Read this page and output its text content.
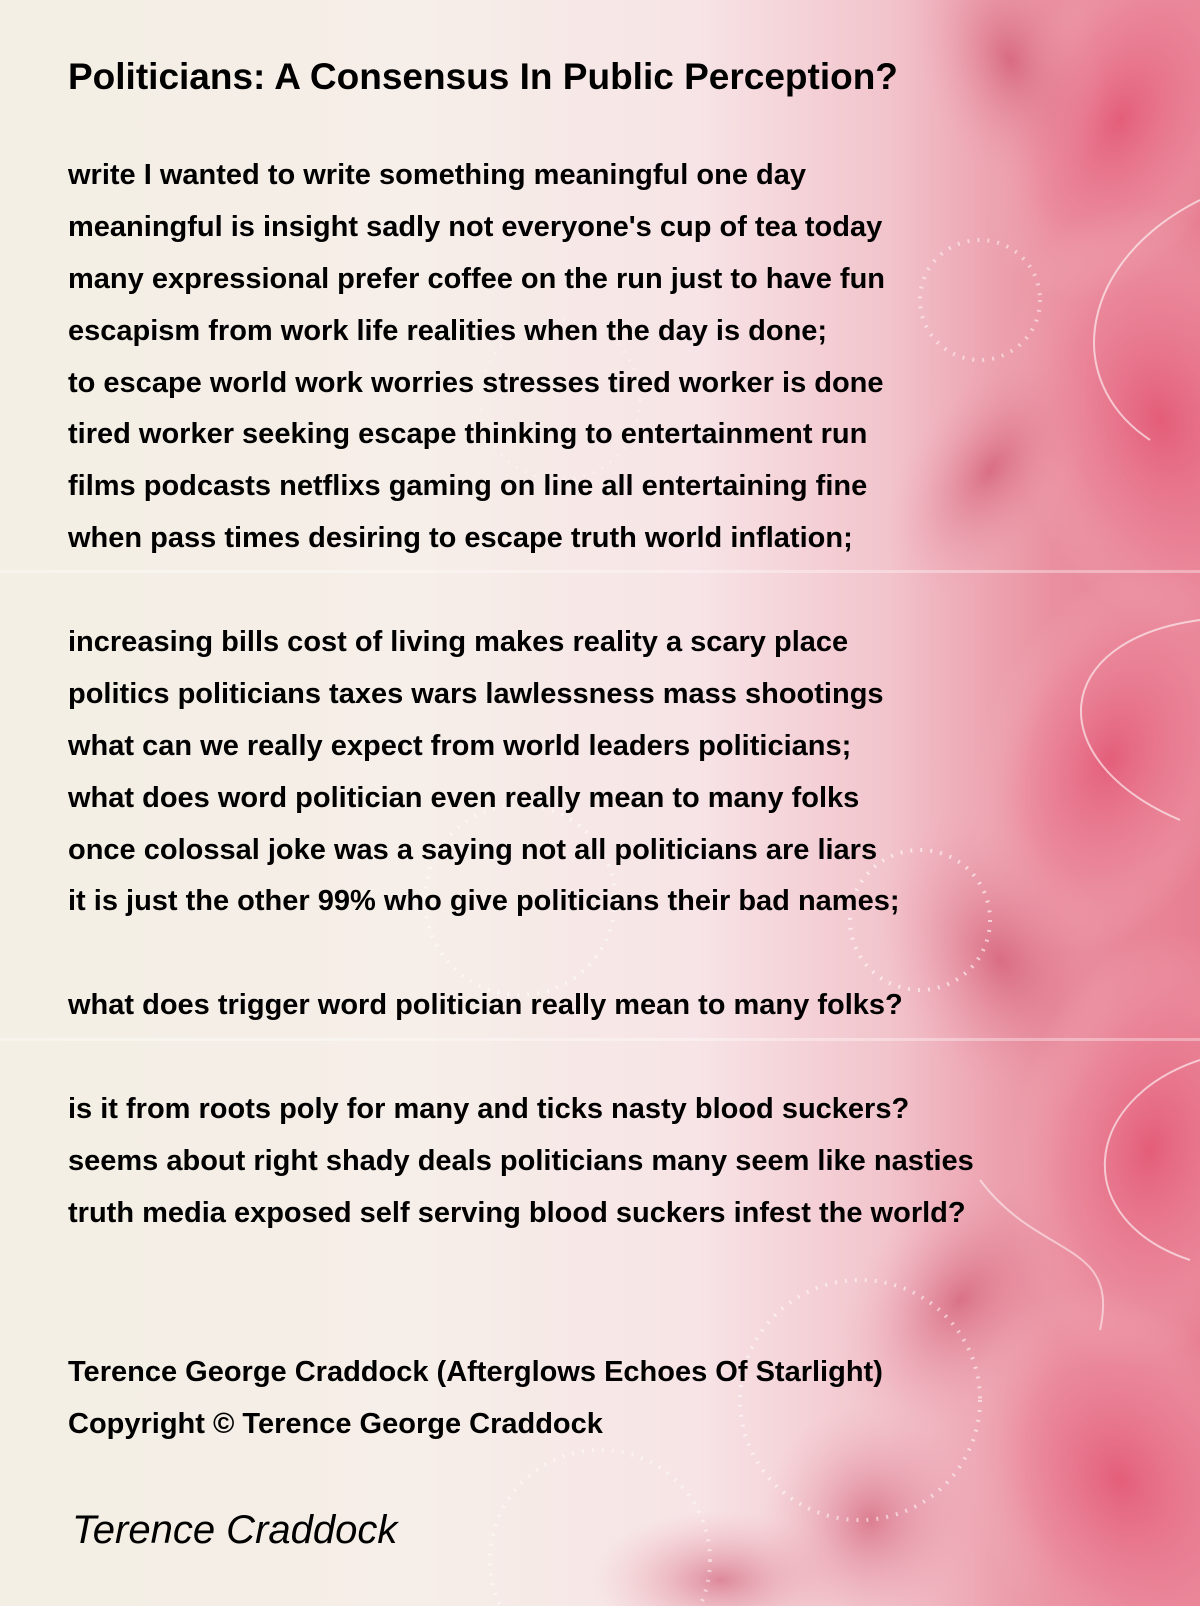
Politicians: A Consensus In Public Perception?
write I wanted to write something meaningful one day
meaningful is insight sadly not everyone's cup of tea today
many expressional prefer coffee on the run just to have fun
escapism from work life realities when the day is done;
to escape world work worries stresses tired worker is done
tired worker seeking escape thinking to entertainment run
films podcasts netflixs gaming on line all entertaining fine
when pass times desiring to escape truth world inflation;
increasing bills cost of living makes reality a scary place
politics politicians taxes wars lawlessness mass shootings
what can we really expect from world leaders politicians;
what does word politician even really mean to many folks
once colossal joke was a saying not all politicians are liars
it is just the other 99% who give politicians their bad names;
what does trigger word politician really mean to many folks?
is it from roots poly for many and ticks nasty blood suckers?
seems about right shady deals politicians many seem like nasties
truth media exposed self serving blood suckers infest the world?
Terence George Craddock (Afterglows Echoes Of Starlight)
Copyright © Terence George Craddock
Terence Craddock
